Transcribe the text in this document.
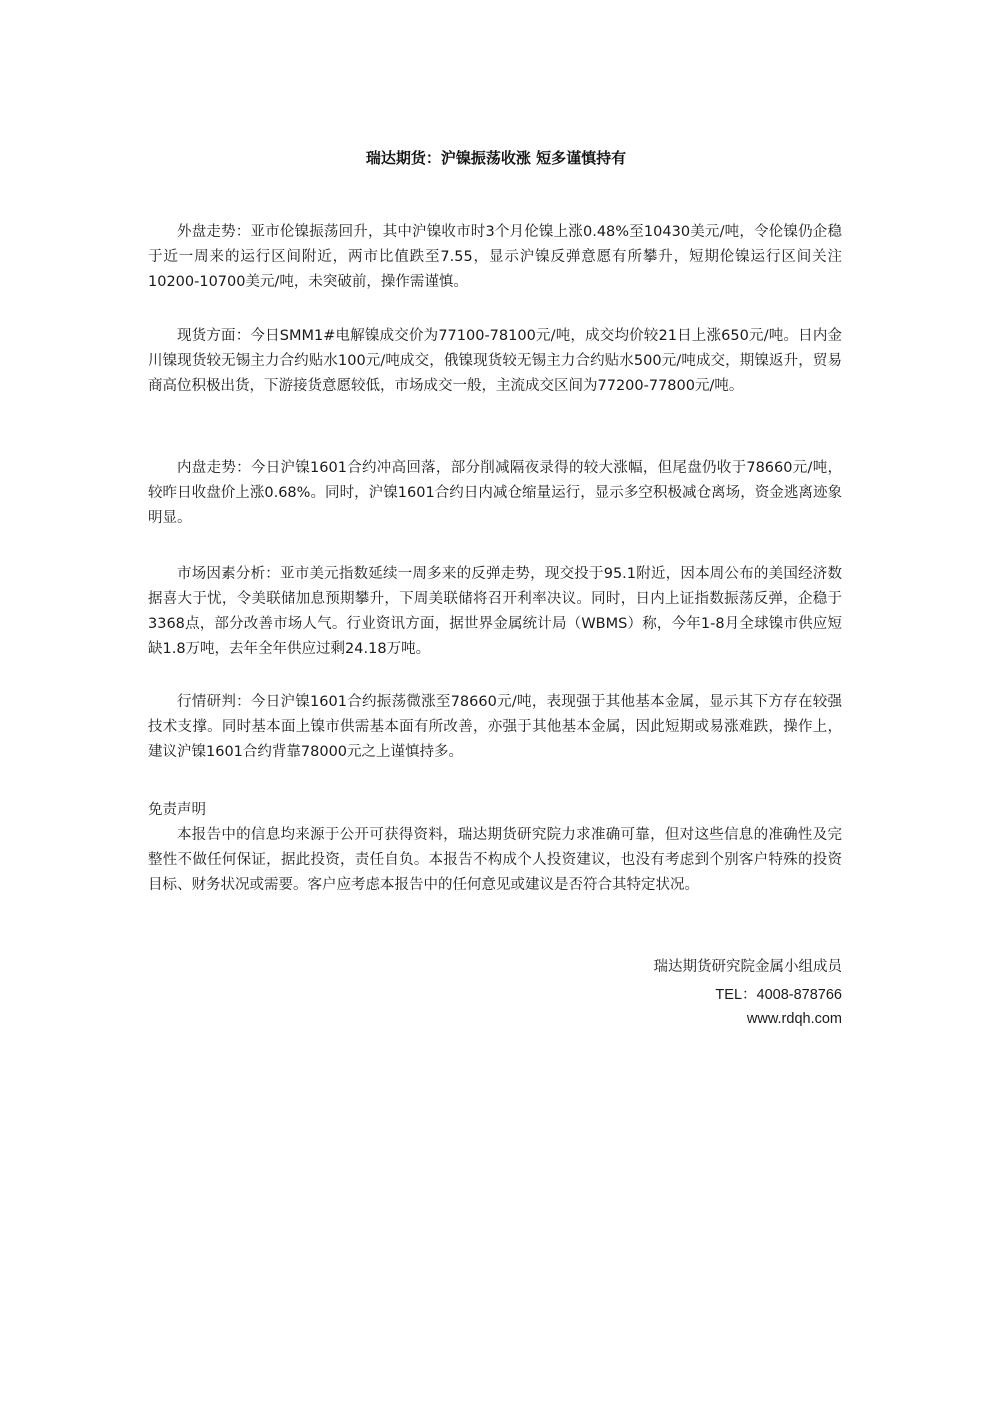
瑞达期货：沪镍振荡收涨 短多谨慎持有

外盘走势：亚市伦镍振荡回升，其中沪镍收市时3个月伦镍上涨0.48%至10430美元/吨，令伦镍仍企稳于近一周来的运行区间附近，两市比值跌至7.55，显示沪镍反弹意愿有所攀升，短期伦镍运行区间关注10200-10700美元/吨，未突破前，操作需谨慎。

现货方面：今日SMM1#电解镍成交价为77100-78100元/吨，成交均价较21日上涨650元/吨。日内金川镍现货较无锡主力合约贴水100元/吨成交，俄镍现货较无锡主力合约贴水500元/吨成交，期镍返升，贸易商高位积极出货，下游接货意愿较低，市场成交一般，主流成交区间为77200-77800元/吨。

内盘走势：今日沪镍1601合约冲高回落，部分削减隔夜录得的较大涨幅，但尾盘仍收于78660元/吨，较昨日收盘价上涨0.68%。同时，沪镍1601合约日内减仓缩量运行，显示多空积极减仓离场，资金逃离迹象明显。

市场因素分析：亚市美元指数延续一周多来的反弹走势，现交投于95.1附近，因本周公布的美国经济数据喜大于忧，令美联储加息预期攀升，下周美联储将召开利率决议。同时，日内上证指数振荡反弹，企稳于3368点，部分改善市场人气。行业资讯方面，据世界金属统计局（WBMS）称，今年1-8月全球镍市供应短缺1.8万吨，去年全年供应过剩24.18万吨。

行情研判：今日沪镍1601合约振荡微涨至78660元/吨，表现强于其他基本金属，显示其下方存在较强技术支撑。同时基本面上镍市供需基本面有所改善，亦强于其他基本金属，因此短期或易涨难跌，操作上，建议沪镍1601合约背靠78000元之上谨慎持多。

免责声明

本报告中的信息均来源于公开可获得资料，瑞达期货研究院力求准确可靠，但对这些信息的准确性及完整性不做任何保证，据此投资，责任自负。本报告不构成个人投资建议，也没有考虑到个别客户特殊的投资目标、财务状况或需要。客户应考虑本报告中的任何意见或建议是否符合其特定状况。

瑞达期货研究院金属小组成员
TEL：4008-878766
www.rdqh.com
